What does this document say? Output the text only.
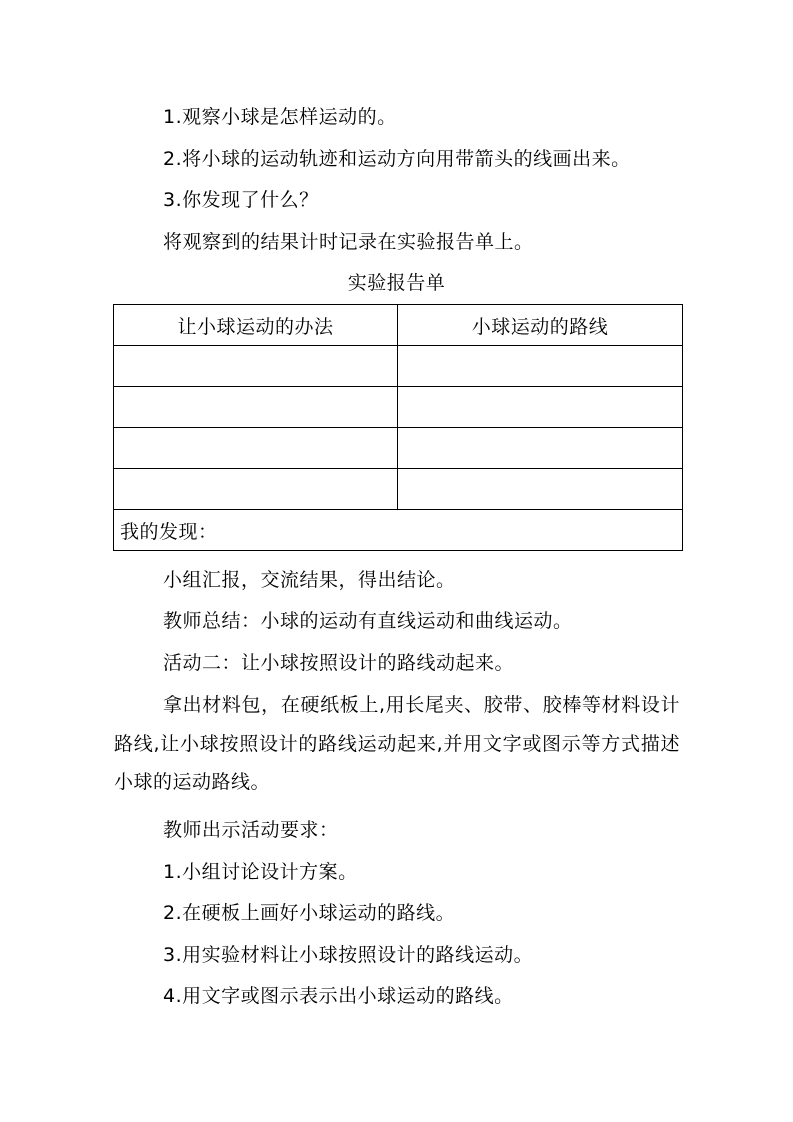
1.观察小球是怎样运动的。
2.将小球的运动轨迹和运动方向用带箭头的线画出来。
3.你发现了什么？
将观察到的结果计时记录在实验报告单上。
实验报告单
让小球运动的办法	小球运动的路线

我的发现：	
小组汇报，交流结果，得出结论。
教师总结：小球的运动有直线运动和曲线运动。
活动二：让小球按照设计的路线动起来。
拿出材料包，在硬纸板上,用长尾夹、胶带、胶棒等材料设计路线,让小球按照设计的路线运动起来,并用文字或图示等方式描述小球的运动路线。
教师出示活动要求：
1.小组讨论设计方案。
2.在硬板上画好小球运动的路线。
3.用实验材料让小球按照设计的路线运动。
4.用文字或图示表示出小球运动的路线。
